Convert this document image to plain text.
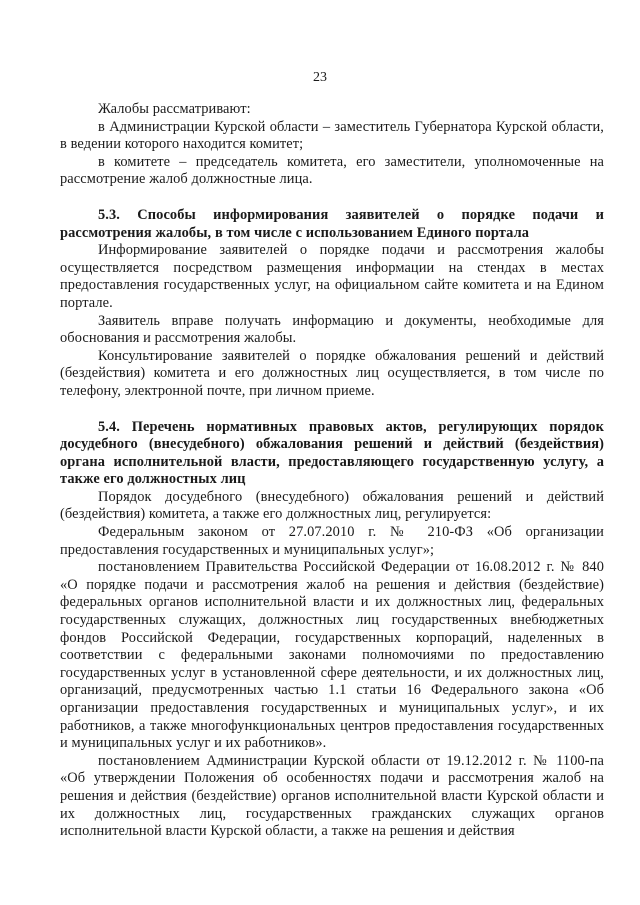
23

Жалобы рассматривают:

в Администрации Курской области – заместитель Губернатора Курской области, в ведении которого находится комитет;

в комитете – председатель комитета, его заместители, уполномоченные на рассмотрение жалоб должностные лица.

5.3. Способы информирования заявителей о порядке подачи и рассмотрения жалобы, в том числе с использованием Единого портала

Информирование заявителей о порядке подачи и рассмотрения жалобы осуществляется посредством размещения информации на стендах в местах предоставления государственных услуг, на официальном сайте комитета и на Едином портале.

Заявитель вправе получать информацию и документы, необходимые для обоснования и рассмотрения жалобы.

Консультирование заявителей о порядке обжалования решений и действий (бездействия) комитета и его должностных лиц осуществляется, в том числе по телефону, электронной почте, при личном приеме.

5.4. Перечень нормативных правовых актов, регулирующих порядок досудебного (внесудебного) обжалования решений и действий (бездействия) органа исполнительной власти, предоставляющего государственную услугу, а также его должностных лиц

Порядок досудебного (внесудебного) обжалования решений и действий (бездействия) комитета, а также его должностных лиц, регулируется:

Федеральным законом от 27.07.2010 г. № 210-ФЗ «Об организации предоставления государственных и муниципальных услуг»;

постановлением Правительства Российской Федерации от 16.08.2012 г. № 840 «О порядке подачи и рассмотрения жалоб на решения и действия (бездействие) федеральных органов исполнительной власти и их должностных лиц, федеральных государственных служащих, должностных лиц государственных внебюджетных фондов Российской Федерации, государственных корпораций, наделенных в соответствии с федеральными законами полномочиями по предоставлению государственных услуг в установленной сфере деятельности, и их должностных лиц, организаций, предусмотренных частью 1.1 статьи 16 Федерального закона «Об организации предоставления государственных и муниципальных услуг», и их работников, а также многофункциональных центров предоставления государственных и муниципальных услуг и их работников».

постановлением Администрации Курской области от 19.12.2012 г. № 1100-па «Об утверждении Положения об особенностях подачи и рассмотрения жалоб на решения и действия (бездействие) органов исполнительной власти Курской области и их должностных лиц, государственных гражданских служащих органов исполнительной власти Курской области, а также на решения и действия
